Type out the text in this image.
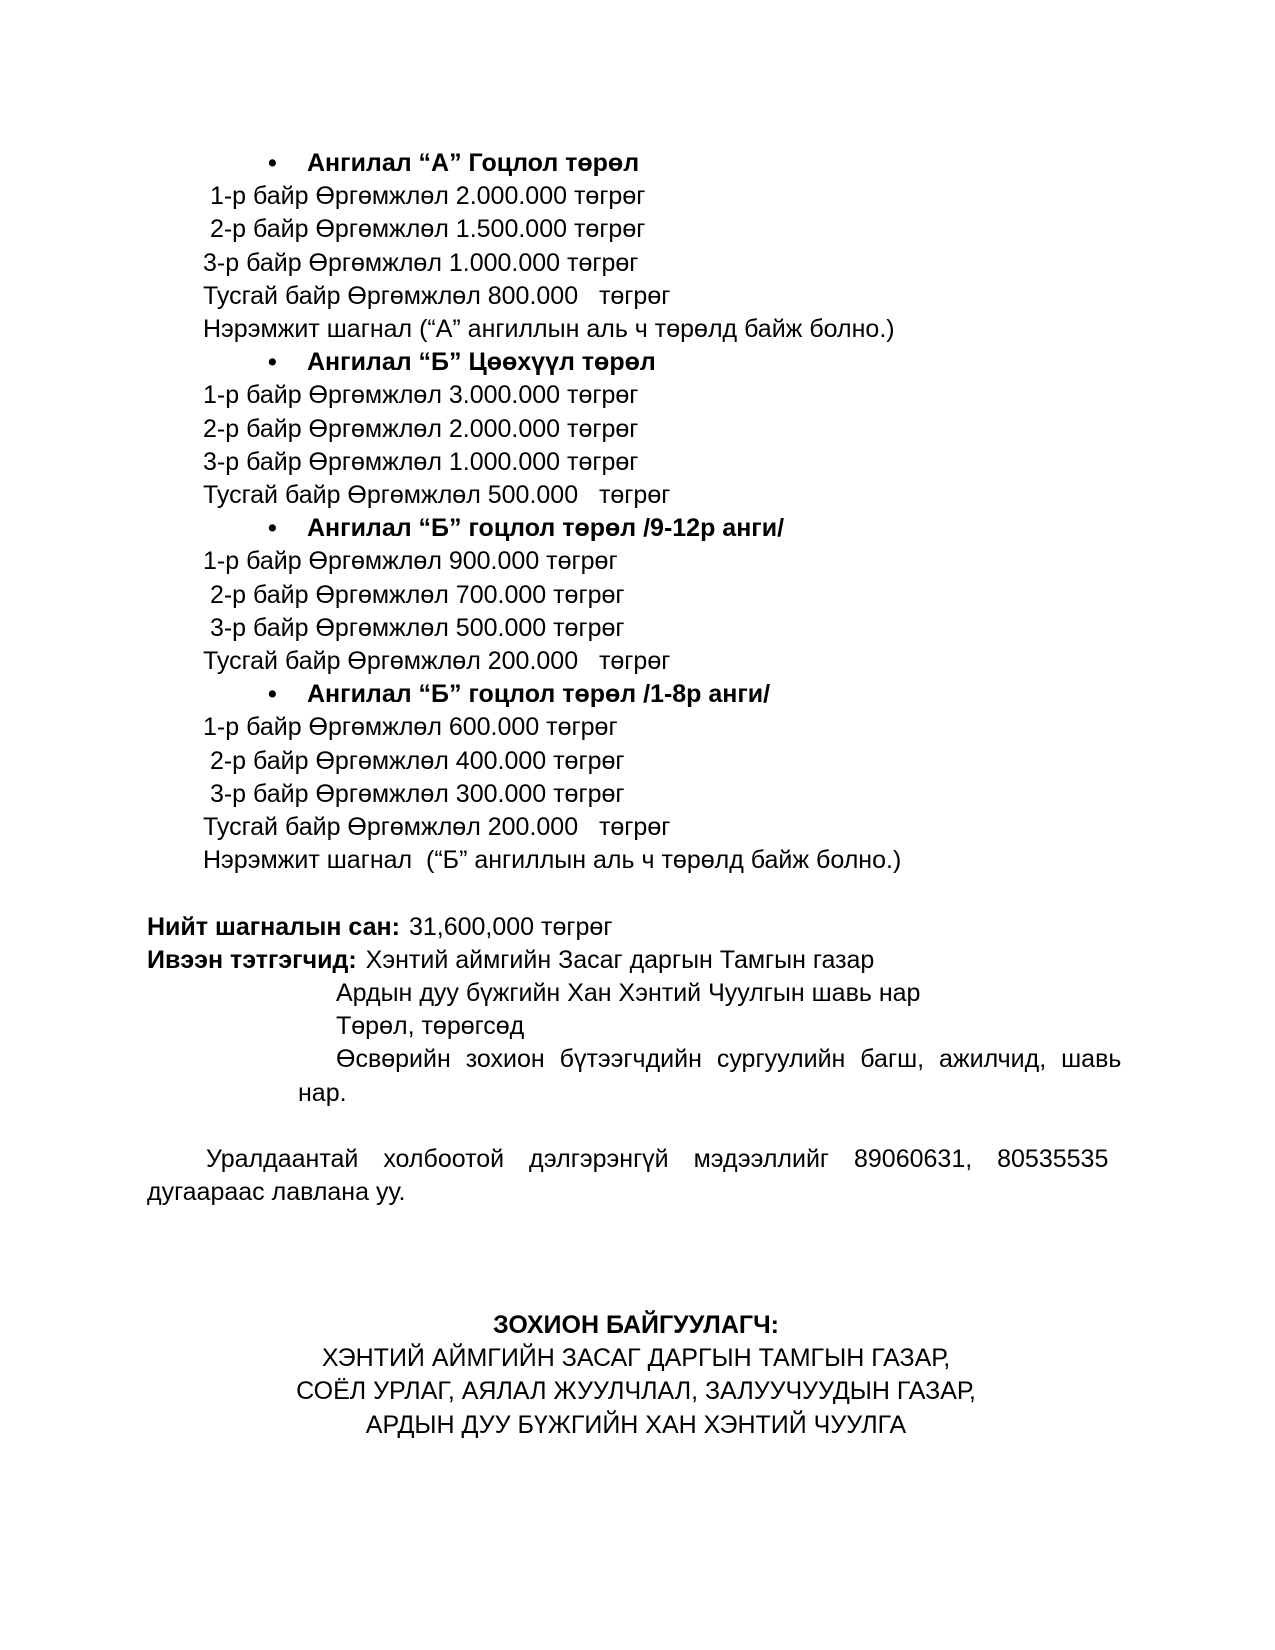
• Ангилал “А” Гоцлол төрөл
1-р байр Өргөмжлөл 2.000.000 төгрөг
2-р байр Өргөмжлөл 1.500.000 төгрөг
3-р байр Өргөмжлөл 1.000.000 төгрөг
Тусгай байр Өргөмжлөл 800.000   төгрөг
Нэрэмжит шагнал (“А” ангиллын аль ч төрөлд байж болно.)
• Ангилал “Б” Цөөхүүл төрөл
1-р байр Өргөмжлөл 3.000.000 төгрөг
2-р байр Өргөмжлөл 2.000.000 төгрөг
3-р байр Өргөмжлөл 1.000.000 төгрөг
Тусгай байр Өргөмжлөл 500.000   төгрөг
• Ангилал “Б” гоцлол төрөл /9-12р анги/
1-р байр Өргөмжлөл 900.000 төгрөг
2-р байр Өргөмжлөл 700.000 төгрөг
3-р байр Өргөмжлөл 500.000 төгрөг
Тусгай байр Өргөмжлөл 200.000   төгрөг
• Ангилал “Б” гоцлол төрөл /1-8р анги/
1-р байр Өргөмжлөл 600.000 төгрөг
2-р байр Өргөмжлөл 400.000 төгрөг
3-р байр Өргөмжлөл 300.000 төгрөг
Тусгай байр Өргөмжлөл 200.000   төгрөг
Нэрэмжит шагнал  (“Б” ангиллын аль ч төрөлд байж болно.)
Нийт шагналын сан: 31,600,000 төгрөг
Ивээн тэтгэгчид: Хэнтий аймгийн Засаг даргын Тамгын газар
Ардын дуу бүжгийн Хан Хэнтий Чуулгын шавь нар
Төрөл, төрөгсөд
Өсвөрийн зохион бүтээгчдийн сургуулийн багш, ажилчид, шавь
нар.
Уралдаантай холбоотой дэлгэрэнгүй мэдээллийг 89060631, 80535535
дугаараас лавлана уу.
ЗОХИОН БАЙГУУЛАГЧ:
ХЭНТИЙ АЙМГИЙН ЗАСАГ ДАРГЫН ТАМГЫН ГАЗАР,
СОЁЛ УРЛАГ, АЯЛАЛ ЖУУЛЧЛАЛ, ЗАЛУУЧУУДЫН ГАЗАР,
АРДЫН ДУУ БҮЖГИЙН ХАН ХЭНТИЙ ЧУУЛГА
